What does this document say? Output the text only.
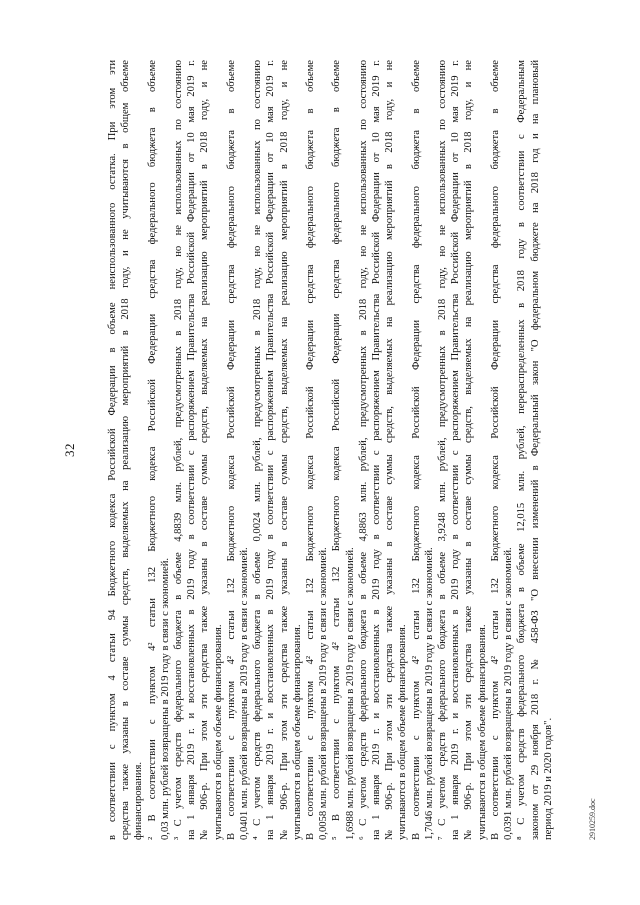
32	в соответствии с пунктом 4 статьи 94 Бюджетного кодекса Российской Федерации в объеме неиспользованного остатка. При этом эти средства также указаны в составе суммы средств, выделяемых на реализацию мероприятий в 2018 году, и не учитываются в общем объеме финансирования. ² В соответствии с пунктом 4² статьи 132 Бюджетного кодекса Российской Федерации средства федерального бюджета в объеме 0,03 млн. рублей возвращены в 2019 году в связи с экономией. ³ С учетом средств федерального бюджета в объеме 4,8839 млн. рублей, предусмотренных в 2018 году, но не использованных по состоянию на 1 января 2019 г. и восстановленных в 2019 году в соответствии с распоряжением Правительства Российской Федерации от 10 мая 2019 г. № 906-р. При этом эти средства также указаны в составе суммы средств, выделяемых на реализацию мероприятий в 2018 году, и не учитываются в общем объеме финансирования. В соответствии с пунктом 4² статьи 132 Бюджетного кодекса Российской Федерации средства федерального бюджета в объеме 0,0401 млн. рублей возвращены в 2019 году в связи с экономией. ⁴ С учетом средств федерального бюджета в объеме 0,0024 млн. рублей, предусмотренных в 2018 году, но не использованных по состоянию на 1 января 2019 г. и восстановленных в 2019 году в соответствии с распоряжением Правительства Российской Федерации от 10 мая 2019 г. № 906-р. При этом эти средства также указаны в составе суммы средств, выделяемых на реализацию мероприятий в 2018 году, и не учитываются в общем объеме финансирования. В соответствии с пунктом 4² статьи 132 Бюджетного кодекса Российской Федерации средства федерального бюджета в объеме 0,0058 млн. рублей возвращены в 2019 году в связи с экономией. ⁵ В соответствии с пунктом 4² статьи 132 Бюджетного кодекса Российской Федерации средства федерального бюджета в объеме 1,6988 млн. рублей возвращены в 2019 году в связи с экономией. ⁶ С учетом средств федерального бюджета в объеме 4,8863 млн. рублей, предусмотренных в 2018 году, но не использованных по состоянию на 1 января 2019 г. и восстановленных в 2019 году в соответствии с распоряжением Правительства Российской Федерации от 10 мая 2019 г. № 906-р. При этом эти средства также указаны в составе суммы средств, выделяемых на реализацию мероприятий в 2018 году, и не учитываются в общем объеме финансирования. В соответствии с пунктом 4² статьи 132 Бюджетного кодекса Российской Федерации средства федерального бюджета в объеме 1,7046 млн. рублей возвращены в 2019 году в связи с экономией. ⁷ С учетом средств федерального бюджета в объеме 3,9248 млн. рублей, предусмотренных в 2018 году, но не использованных по состоянию на 1 января 2019 г. и восстановленных в 2019 году в соответствии с распоряжением Правительства Российской Федерации от 10 мая 2019 г. № 906-р. При этом эти средства также указаны в составе суммы средств, выделяемых на реализацию мероприятий в 2018 году, и не учитываются в общем объеме финансирования. В соответствии с пунктом 4² статьи 132 Бюджетного кодекса Российской Федерации средства федерального бюджета в объеме 0,0391 млн. рублей возвращены в 2019 году в связи с экономией. ⁸ С учетом средств федерального бюджета в объеме 12,015 млн. рублей, перераспределенных в 2018 году в соответствии с Федеральным законом от 29 ноября 2018 г. № 458-ФЗ "О внесении изменений в Федеральный закон "О федеральном бюджете на 2018 год и на плановый период 2019 и 2020 годов".	2910259.doc
